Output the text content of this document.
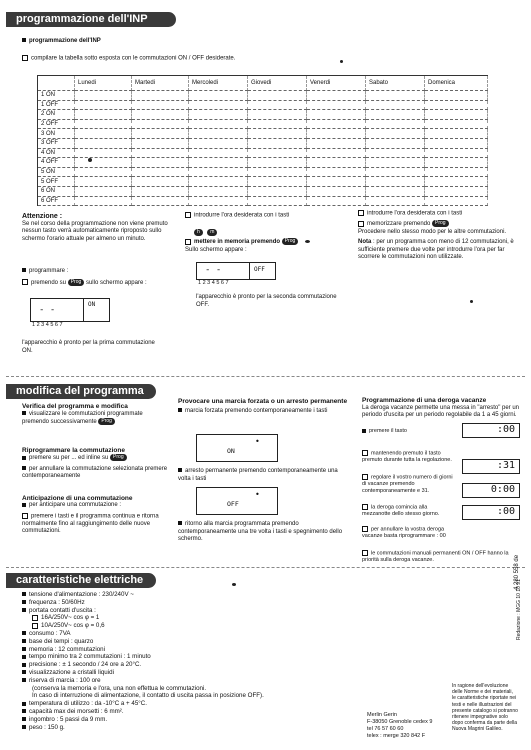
programmazione dell'INP
programmazione dell'INP
compilare la tabella sotto esposta con le commutazioni ON / OFF desiderate.
	Lunedi	Martedi	Mercoledi	Giovedi	Venerdi	Sabato	Domenica
1 ON							
1 OFF							
2 ON							
2 OFF							
3 ON							
3 OFF							
4 ON							
4 OFF							
5 ON							
5 OFF							
6 ON							
6 OFF							
Attenzione :
Se nel corso della programmazione non viene premuto nessun tasto verrà automaticamente riproposto sullo schermo l'orario attuale per almeno un minuto.
programmare :
premendo su Prog sullo schermo appare :
- -
ON
1 2 3 4 5 6 7
l'apparecchio è pronto per la prima commutazione ON.
introdurre l'ora desiderata con i tasti
h m
mettere in memoria premendo Prog
Sullo schermo appare :
- -	OFF
1 2 3 4 5 6 7
l'apparecchio è pronto per la seconda commutazione OFF.
introdurre l'ora desiderata con i tasti
memorizzare premendo Prog
Procedere nello stesso modo per le altre commutazioni.
Nota : per un programma con meno di 12 commutazioni, è sufficiente premere due volte per introdurre l'ora per far scorrere le commutazioni non utilizzate.
modifica del programma
Verifica del programma e modifica
visualizzare le commutazioni programmate premendo successivamente Prog
Riprogrammare la commutazione
premere su per ... ed inline su Prog
per annullare la commutazione selezionata premere contemporaneamente
Anticipazione di una commutazione
per anticipare una commutazione :
premere i tasti e il programma continua e ritorna normalmente fino al raggiungimento delle nuove commutazioni.
Provocare una marcia forzata o un arresto permanente
marcia forzata premendo contemporaneamente i tasti
•
ON
arresto permanente premendo contemporaneamente una volta i tasti
•
OFF
ritorno alla marcia programmata premendo contemporaneamente una tre volta i tasti e spegnimento dello schermo.
Programmazione di una deroga vacanze
La deroga vacanze permette una messa in "arresto" per un periodo d'uscita per un periodo regolabile da 1 a 45 giorni.
premere il tasto
mantenendo premuto il tasto premuto durante tutta la regolazione.
regolare il vostro numero di giorni di vacanze premendo contemporaneamente e 31.
la deroga comincia alla mezzanotte dello stesso giorno.
per annullare la vostra deroga vacanze basta riprogrammare : 00
le commutazioni manuali permanenti ON / OFF hanno la priorità sulla deroga vacanze.
:00
:31
0:00
:00
caratteristiche elettriche
tensione d'alimentazione : 230/240V ~
frequenza : 50/60Hz
portata contatti d'uscita :
16A/250V~ cos φ = 1
10A/250V~ cos φ = 0,6
consumo : 7VA
base dei tempi : quarzo
memoria : 12 commutazioni
tempo minimo tra 2 commutazioni : 1 minuto
precisione : ± 1 secondo / 24 ore a 20°C.
visualizzazione a cristalli liquidi
riserva di marcia : 100 ore
(conserva la memoria e l'ora, una non effettua le commutazioni.
In caso di interruzione di alimentazione, il contatto di uscita passa in posizione OFF).
temperatura di utilizzo : da -10°C a + 45°C.
capacità max dei morsetti : 6 mm².
ingombro : 5 passi da 9 mm.
peso : 150 g.
Merlin Gerin
F-38050 Grenoble cedex 9
tel 76 57 60 60
telex : merge 320 842 F
In ragione dell'evoluzione delle Norme e dei materiali, le caratteristiche riportate nei testi e nelle illustrazioni del presente catalogo si potranno ritenere impegnative solo dopo conferma da parte della Nuova Magrini Galileo.
Redazione : MGG 10 10 91
4 280 558 de
